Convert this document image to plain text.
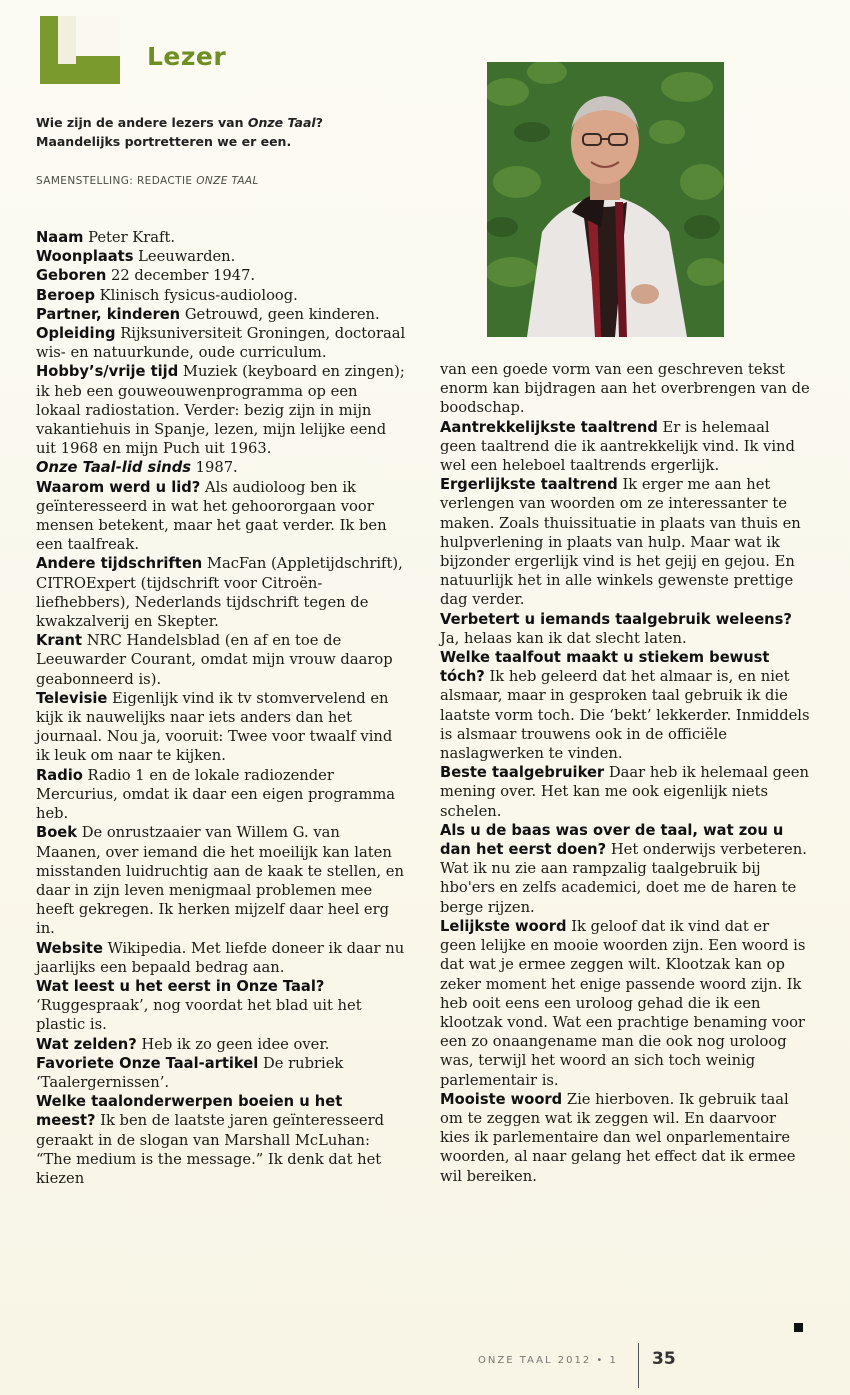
Lezer
Wie zijn de andere lezers van Onze Taal?
Maandelijks portretteren we er een.
SAMENSTELLING: REDACTIE ONZE TAAL

Naam Peter Kraft.

Woonplaats Leeuwarden.

Geboren 22 december 1947.

Beroep Klinisch fysicus-audioloog.

Partner, kinderen Getrouwd, geen kinderen.

Opleiding Rijksuniversiteit Groningen, doctoraal wis- en natuurkunde, oude curriculum.

Hobby’s/vrije tijd Muziek (keyboard en zingen); ik heb een gouweouwenprogramma op een lokaal radiostation. Verder: bezig zijn in mijn vakantiehuis in Spanje, lezen, mijn lelijke eend uit 1968 en mijn Puch uit 1963.

Onze Taal-lid sinds 1987.

Waarom werd u lid? Als audioloog ben ik geïnteresseerd in wat het gehoororgaan voor mensen betekent, maar het gaat verder. Ik ben een taalfreak.

Andere tijdschriften MacFan (Appletijdschrift), CITROExpert (tijdschrift voor Citroën-liefhebbers), Nederlands tijdschrift tegen de kwakzalverij en Skepter.

Krant NRC Handelsblad (en af en toe de Leeuwarder Courant, omdat mijn vrouw daarop geabonneerd is).

Televisie Eigenlijk vind ik tv stomvervelend en kijk ik nauwelijks naar iets anders dan het journaal. Nou ja, vooruit: Twee voor twaalf vind ik leuk om naar te kijken.

Radio Radio 1 en de lokale radiozender Mercurius, omdat ik daar een eigen programma heb.

Boek De onrustzaaier van Willem G. van Maanen, over iemand die het moeilijk kan laten misstanden luidruchtig aan de kaak te stellen, en daar in zijn leven menigmaal problemen mee heeft gekregen. Ik herken mijzelf daar heel erg in.

Website Wikipedia. Met liefde doneer ik daar nu jaarlijks een bepaald bedrag aan.

Wat leest u het eerst in Onze Taal? ‘Ruggespraak’, nog voordat het blad uit het plastic is.

Wat zelden? Heb ik zo geen idee over.

Favoriete Onze Taal-artikel De rubriek ‘Taalergernissen’.

Welke taalonderwerpen boeien u het meest? Ik ben de laatste jaren geïnteresseerd geraakt in de slogan van Marshall McLuhan: “The medium is the message.” Ik denk dat het kiezen

van een goede vorm van een geschreven tekst enorm kan bijdragen aan het overbrengen van de boodschap.

Aantrekkelijkste taaltrend Er is helemaal geen taaltrend die ik aantrekkelijk vind. Ik vind wel een heleboel taaltrends ergerlijk.

Ergerlijkste taaltrend Ik erger me aan het verlengen van woorden om ze interessanter te maken. Zoals thuissituatie in plaats van thuis en hulpverlening in plaats van hulp. Maar wat ik bijzonder ergerlijk vind is het gejij en gejou. En natuurlijk het in alle winkels gewenste prettige dag verder.

Verbetert u iemands taalgebruik weleens? Ja, helaas kan ik dat slecht laten.

Welke taalfout maakt u stiekem bewust tóch? Ik heb geleerd dat het almaar is, en niet alsmaar, maar in gesproken taal gebruik ik die laatste vorm toch. Die ‘bekt’ lekkerder. Inmiddels is alsmaar trouwens ook in de officiële naslagwerken te vinden.

Beste taalgebruiker Daar heb ik helemaal geen mening over. Het kan me ook eigenlijk niets schelen.

Als u de baas was over de taal, wat zou u dan het eerst doen? Het onderwijs verbeteren. Wat ik nu zie aan rampzalig taalgebruik bij hbo'ers en zelfs academici, doet me de haren te berge rijzen.

Lelijkste woord Ik geloof dat ik vind dat er geen lelijke en mooie woorden zijn. Een woord is dat wat je ermee zeggen wilt. Klootzak kan op zeker moment het enige passende woord zijn. Ik heb ooit eens een uroloog gehad die ik een klootzak vond. Wat een prachtige benaming voor een zo onaangename man die ook nog uroloog was, terwijl het woord an sich toch weinig parlementair is.

Mooiste woord Zie hierboven. Ik gebruik taal om te zeggen wat ik zeggen wil. En daarvoor kies ik parlementaire dan wel onparlementaire woorden, al naar gelang het effect dat ik ermee wil bereiken.

ONZE TAAL 2012 • 1 35
